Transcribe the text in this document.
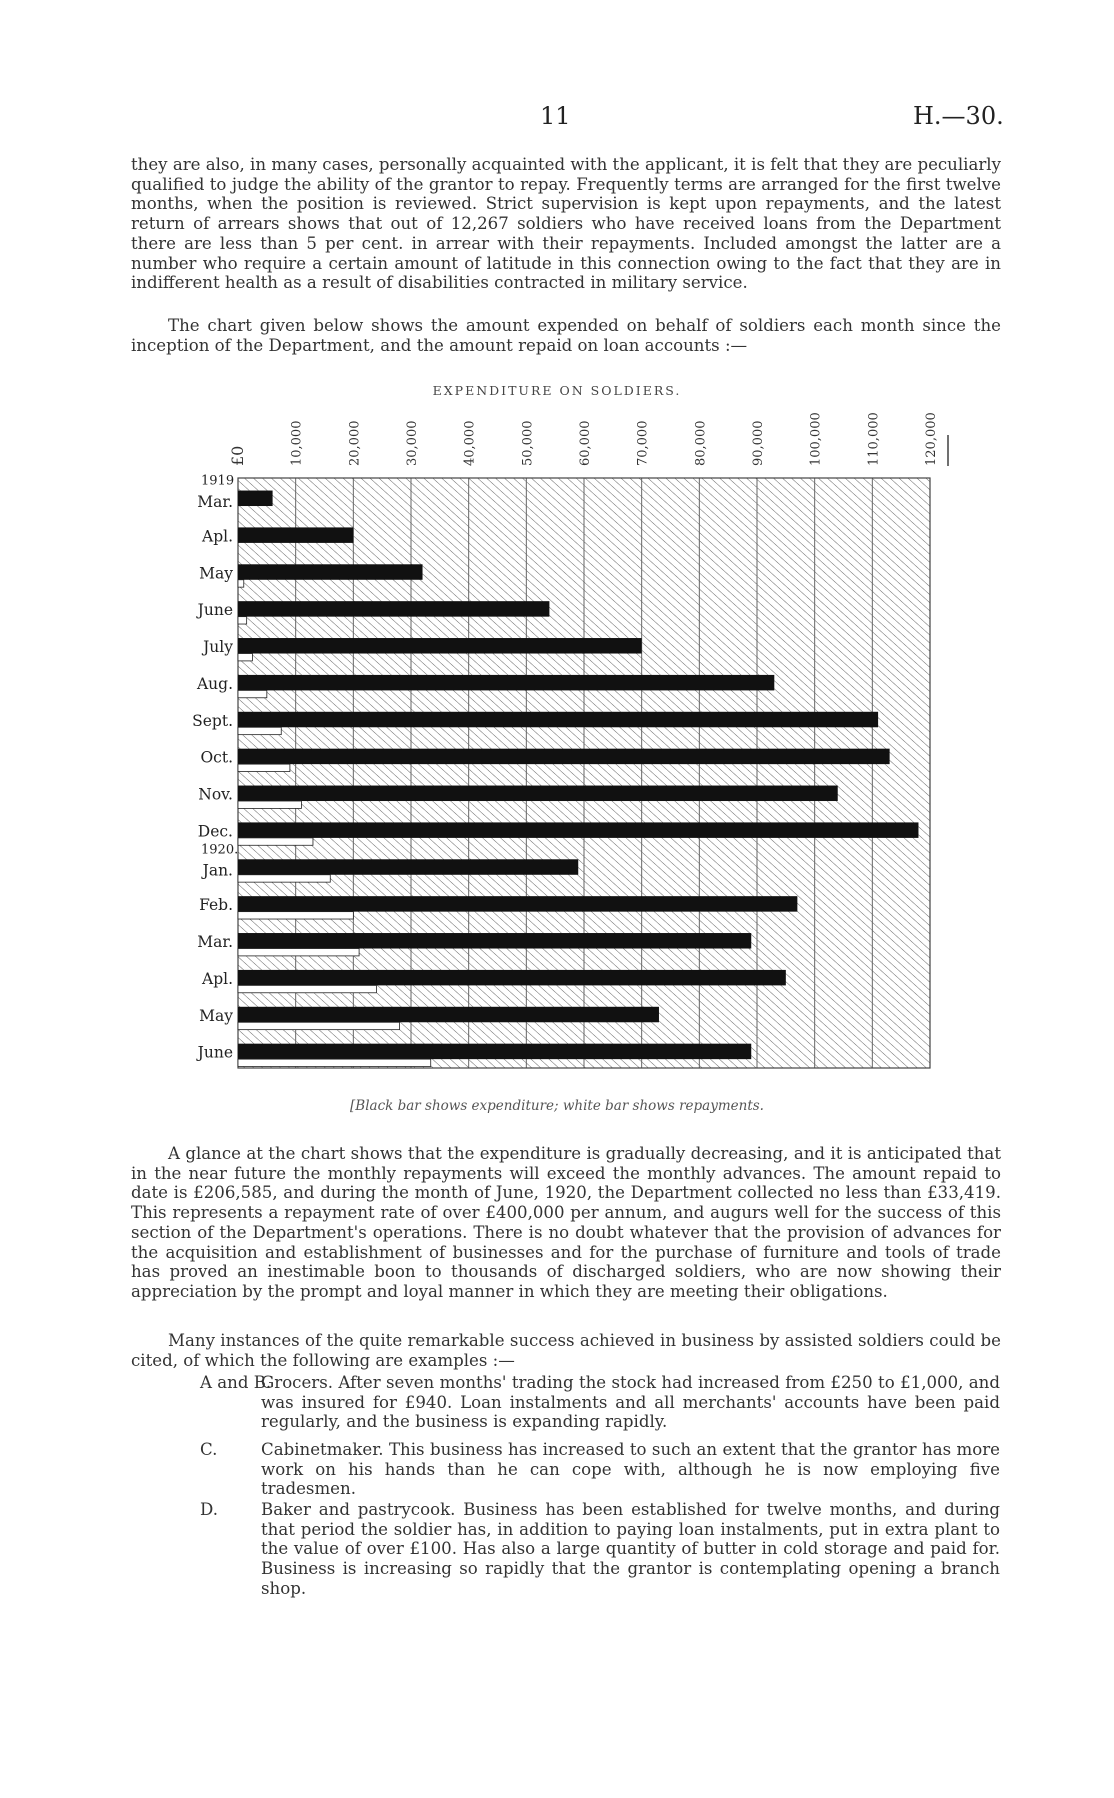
11	H.—30.
they are also, in many cases, personally acquainted with the applicant, it is felt that they are peculiarly qualified to judge the ability of the grantor to repay. Frequently terms are arranged for the first twelve months, when the position is reviewed. Strict supervision is kept upon repayments, and the latest return of arrears shows that out of 12,267 soldiers who have received loans from the Department there are less than 5 per cent. in arrear with their repayments. Included amongst the latter are a number who require a certain amount of latitude in this connection owing to the fact that they are in indifferent health as a result of disabilities contracted in military service.
The chart given below shows the amount expended on behalf of soldiers each month since the inception of the Department, and the amount repaid on loan accounts :—
EXPENDITURE ON SOLDIERS.
£0	10,000	20,000	30,000	40,000	50,000	60,000	70,000	80,000	90,000	100,000	110,000	120,000
1919
Mar.
Apl.
May
June
July
Aug.
Sept.
Oct.
Nov.
Dec.
1920.
Jan.
Feb.
Mar.
Apl.
May
June
[Black bar shows expenditure; white bar shows repayments.
A glance at the chart shows that the expenditure is gradually decreasing, and it is anticipated that in the near future the monthly repayments will exceed the monthly advances. The amount repaid to date is £206,585, and during the month of June, 1920, the Department collected no less than £33,419. This represents a repayment rate of over £400,000 per annum, and augurs well for the success of this section of the Department's operations. There is no doubt whatever that the provision of advances for the acquisition and establishment of businesses and for the purchase of furniture and tools of trade has proved an inestimable boon to thousands of discharged soldiers, who are now showing their appreciation by the prompt and loyal manner in which they are meeting their obligations.
Many instances of the quite remarkable success achieved in business by assisted soldiers could be cited, of which the following are examples :—
A and B.
Grocers. After seven months' trading the stock had increased from £250 to £1,000, and was insured for £940. Loan instalments and all merchants' accounts have been paid regularly, and the business is expanding rapidly.
C.	Cabinetmaker. This business has increased to such an extent that the grantor has more work on his hands than he can cope with, although he is now employing five tradesmen.
D.	Baker and pastrycook. Business has been established for twelve months, and during that period the soldier has, in addition to paying loan instalments, put in extra plant to the value of over £100. Has also a large quantity of butter in cold storage and paid for. Business is increasing so rapidly that the grantor is contemplating opening a branch shop.
